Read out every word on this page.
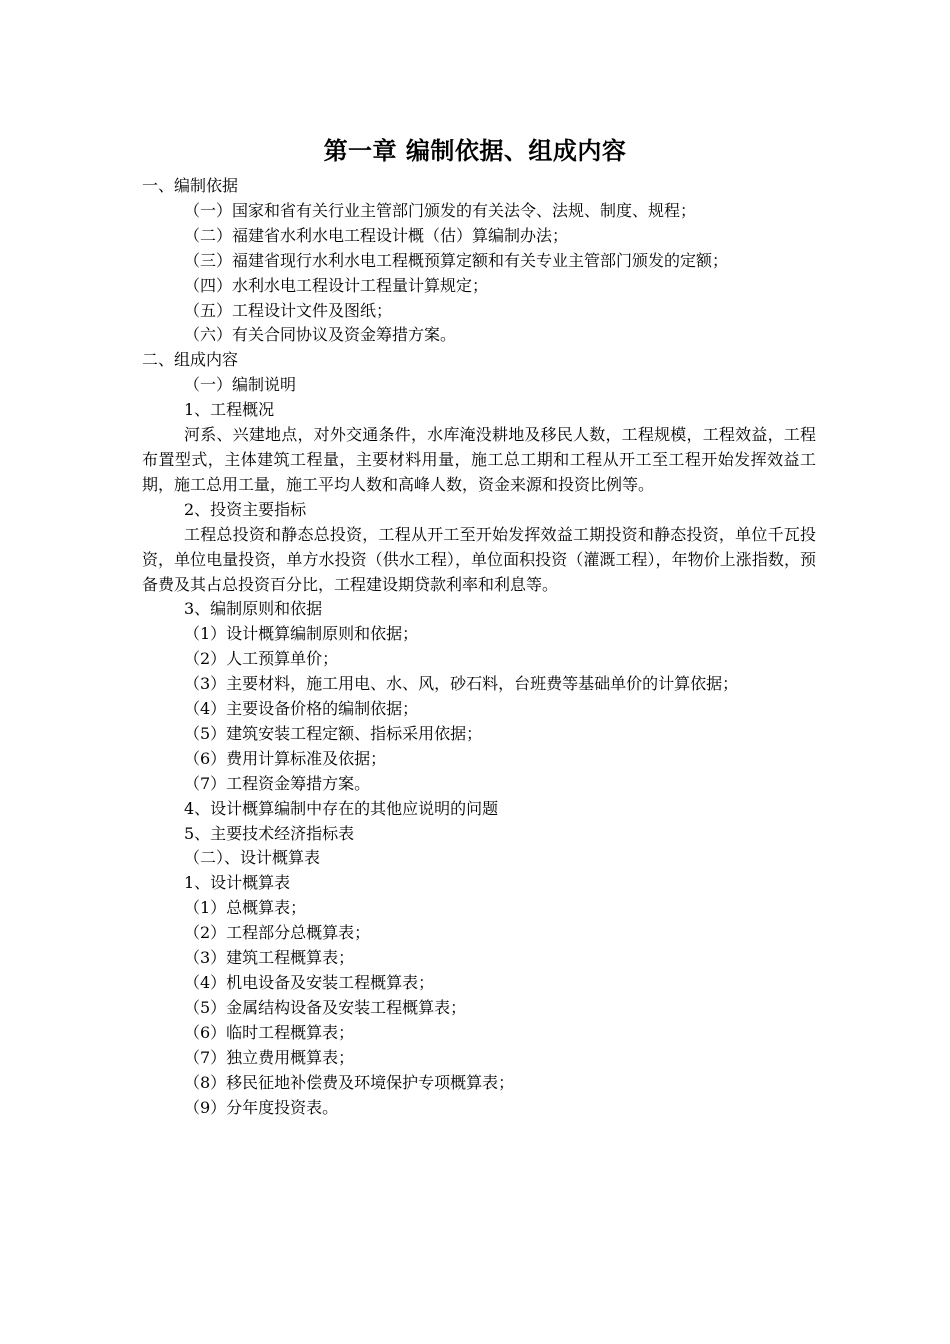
第一章 编制依据、组成内容
一、编制依据
（一）国家和省有关行业主管部门颁发的有关法令、法规、制度、规程；
（二）福建省水利水电工程设计概（估）算编制办法；
（三）福建省现行水利水电工程概预算定额和有关专业主管部门颁发的定额；
（四）水利水电工程设计工程量计算规定；
（五）工程设计文件及图纸；
（六）有关合同协议及资金筹措方案。
二、组成内容
（一）编制说明
1、工程概况
河系、兴建地点，对外交通条件，水库淹没耕地及移民人数，工程规模，工程效益，工程布置型式，主体建筑工程量，主要材料用量，施工总工期和工程从开工至工程开始发挥效益工期，施工总用工量，施工平均人数和高峰人数，资金来源和投资比例等。
2、投资主要指标
工程总投资和静态总投资，工程从开工至开始发挥效益工期投资和静态投资，单位千瓦投资，单位电量投资，单方水投资（供水工程），单位面积投资（灌溉工程），年物价上涨指数，预备费及其占总投资百分比，工程建设期贷款利率和利息等。
3、编制原则和依据
（1）设计概算编制原则和依据；
（2）人工预算单价；
（3）主要材料，施工用电、水、风，砂石料，台班费等基础单价的计算依据；
（4）主要设备价格的编制依据；
（5）建筑安装工程定额、指标采用依据；
（6）费用计算标准及依据；
（7）工程资金筹措方案。
4、设计概算编制中存在的其他应说明的问题
5、主要技术经济指标表
（二）、设计概算表
1、设计概算表
（1）总概算表；
（2）工程部分总概算表；
（3）建筑工程概算表；
（4）机电设备及安装工程概算表；
（5）金属结构设备及安装工程概算表；
（6）临时工程概算表；
（7）独立费用概算表；
（8）移民征地补偿费及环境保护专项概算表；
（9）分年度投资表。
